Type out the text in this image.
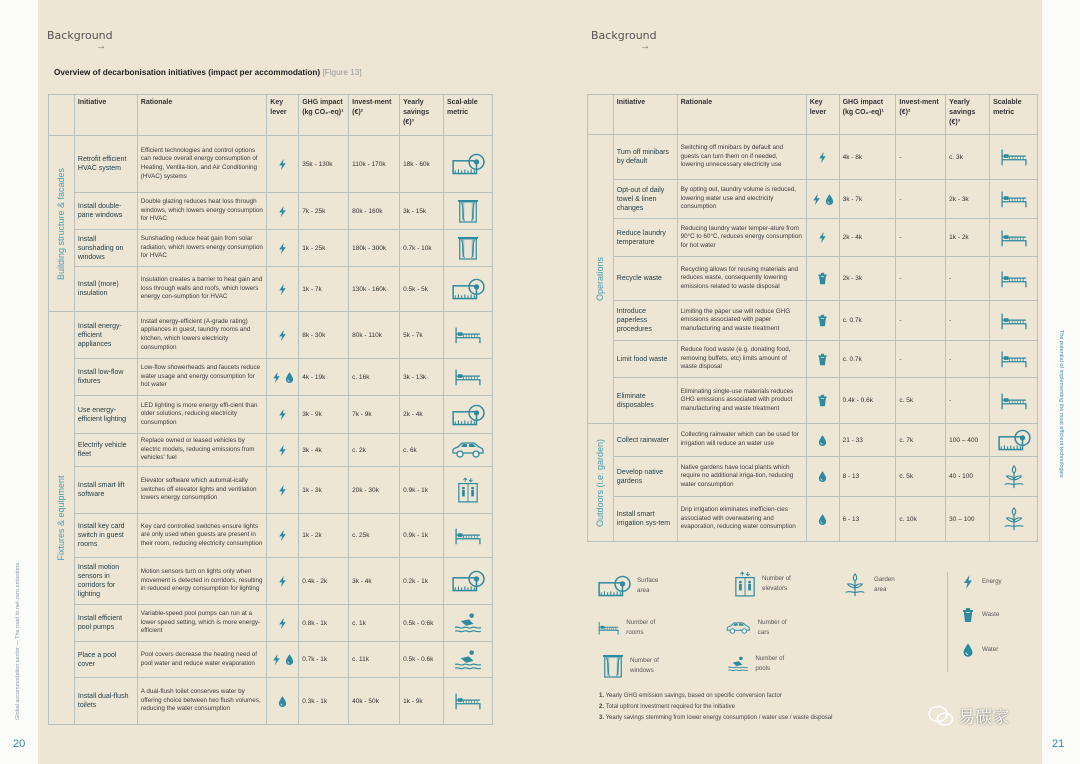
Global accommodation sector — The road to net-zero emissions
20
Background
→
Overview of decarbonisation initiatives (impact per accommodation) [Figure 13]
	Initiative	Rationale	Key lever	GHG impact (kg CO₂-eq)¹	Invest-ment (€)²	Yearly savings (€)³	Scal-able metric

Building structure & facades	Retrofit efficient HVAC system	Efficient technologies and control options can reduce overall energy consumption of Heating, Ventila-tion, and Air Conditioning (HVAC) systems		35k - 130k	110k - 170k	18k - 60k	
	Install double-pane windows	Double glazing reduces heat loss through windows, which lowers energy consumption for HVAC		7k - 25k	80k - 160k	3k - 15k	
	Install sunshading on windows	Sunshading reduce heat gain from solar radiation, which lowers energy consumption for HVAC		1k - 25k	180k - 300k	0.7k - 10k	
	Install (more) insulation	Insulation creates a barrier to heat gain and loss through walls and roofs, which lowers energy con-sumption for HVAC		1k - 7k	130k - 160k	0.5k - 5k	

Fixtures & equipment	Install energy-efficient appliances	Install energy-efficient (A-grade rating) appliances in guest, laundry rooms and kitchen, which lowers electricity consumption		8k - 30k	80k - 110k	5k - 7k	
	Install low-flow fixtures	Low-flow showerheads and faucets reduce water usage and energy consumption for hot water		4k - 19k	c. 16k	3k - 13k	
	Use energy-efficient lighting	LED lighting is more energy effi-cient than older solutions, reducing electricity consumption		3k - 9k	7k - 9k	2k - 4k	
	Electrify vehicle fleet	Replace owned or leased vehicles by electric models, reducing emissions from vehicles' fuel		3k - 4k	c. 2k	c. 6k	
	Install smart lift software	Elevator software which automat-ically switches off elevator lights and ventilation lowers energy consumption		1k - 3k	20k - 30k	0.9k - 1k	
	Install key card switch in guest rooms	Key card controlled switches ensure lights are only used when guests are present in their room, reducing electricity consumption		1k - 2k	c. 25k	0.9k - 1k	
	Install motion sensors in corridors for lighting	Motion sensors turn on lights only when movement is detected in corridors, resulting in reduced energy consumption for lighting		0.4k - 2k	3k - 4k	0.2k - 1k	
	Install efficient pool pumps	Variable-speed pool pumps can run at a lower speed setting, which is more energy-efficient		0.8k - 1k	c. 1k	0.5k - 0.6k	
	Place a pool cover	Pool covers decrease the heating need of pool water and reduce water evaporation		0.7k - 1k	c. 11k	0.5k - 0.6k	
	Install dual-flush toilets	A dual-flush toilet conserves water by offering choice between two flush volumes, reducing the water consumption		0.3k - 1k	40k - 50k	1k - 9k	
Background
→
	Initiative	Rationale	Key lever	GHG impact (kg CO₂-eq)¹	Invest-ment (€)²	Yearly savings (€)³	Scalable metric

Operations	Turn off minibars by default	Switching off minibars by default and guests can turn them on if needed, lowering unnecessary electricity use		4k - 8k	-	c. 3k	
	Opt-out of daily towel & linen changes	By opting out, laundry volume is reduced, lowering water use and electricity consumption		3k - 7k	-	2k - 3k	
	Reduce laundry temperature	Reducing laundry water temper-ature from 90°C to 60°C, reduces energy consumption for hot water		2k - 4k	-	1k - 2k	
	Recycle waste	Recycling allows for reusing materials and reduces waste, consequently lowering emissions related to waste disposal		2k - 3k	-	-	
	Introduce paperless procedures	Limiting the paper use will reduce GHG emissions associated with paper manufacturing and waste treatment		c. 0.7k	-	-	
	Limit food waste	Reduce food waste (e.g. donating food, removing buffets, etc) limits amount of waste disposal		c. 0.7k	-	-	
	Eliminate disposables	Eliminating single-use materials reduces GHG emissions associated with product manufacturing and waste treatment		0.4k - 0.6k	c. 5k	-	

Outdoors (i.e. garden)	Collect rainwater	Collecting rainwater which can be used for irrigation will reduce an water use		21 - 33	c. 7k	100 – 400	
	Develop native gardens	Native gardens have local plants which require no additional irriga-tion, reducing water consumption		8 - 13	c. 5k	40 - 100	
	Install smart irrigation sys-tem	Drip irrigation eliminates inefficien-cies associated with overwatering and evaporation, reducing water consumption		6 - 13	c. 10k	30 – 100	
Surface area
Number of elevators
Garden area
Energy
Number of rooms
Number of cars
Waste
Number of windows
Number of pools
Water
1. Yearly GHG emission savings, based on specific conversion factor
2. Total upfront investment required for the initiative
3. Yearly savings stemming from lower energy consumption / water use / waste disposal
The potential of implementing the most efficient technologies
21
易碳家
